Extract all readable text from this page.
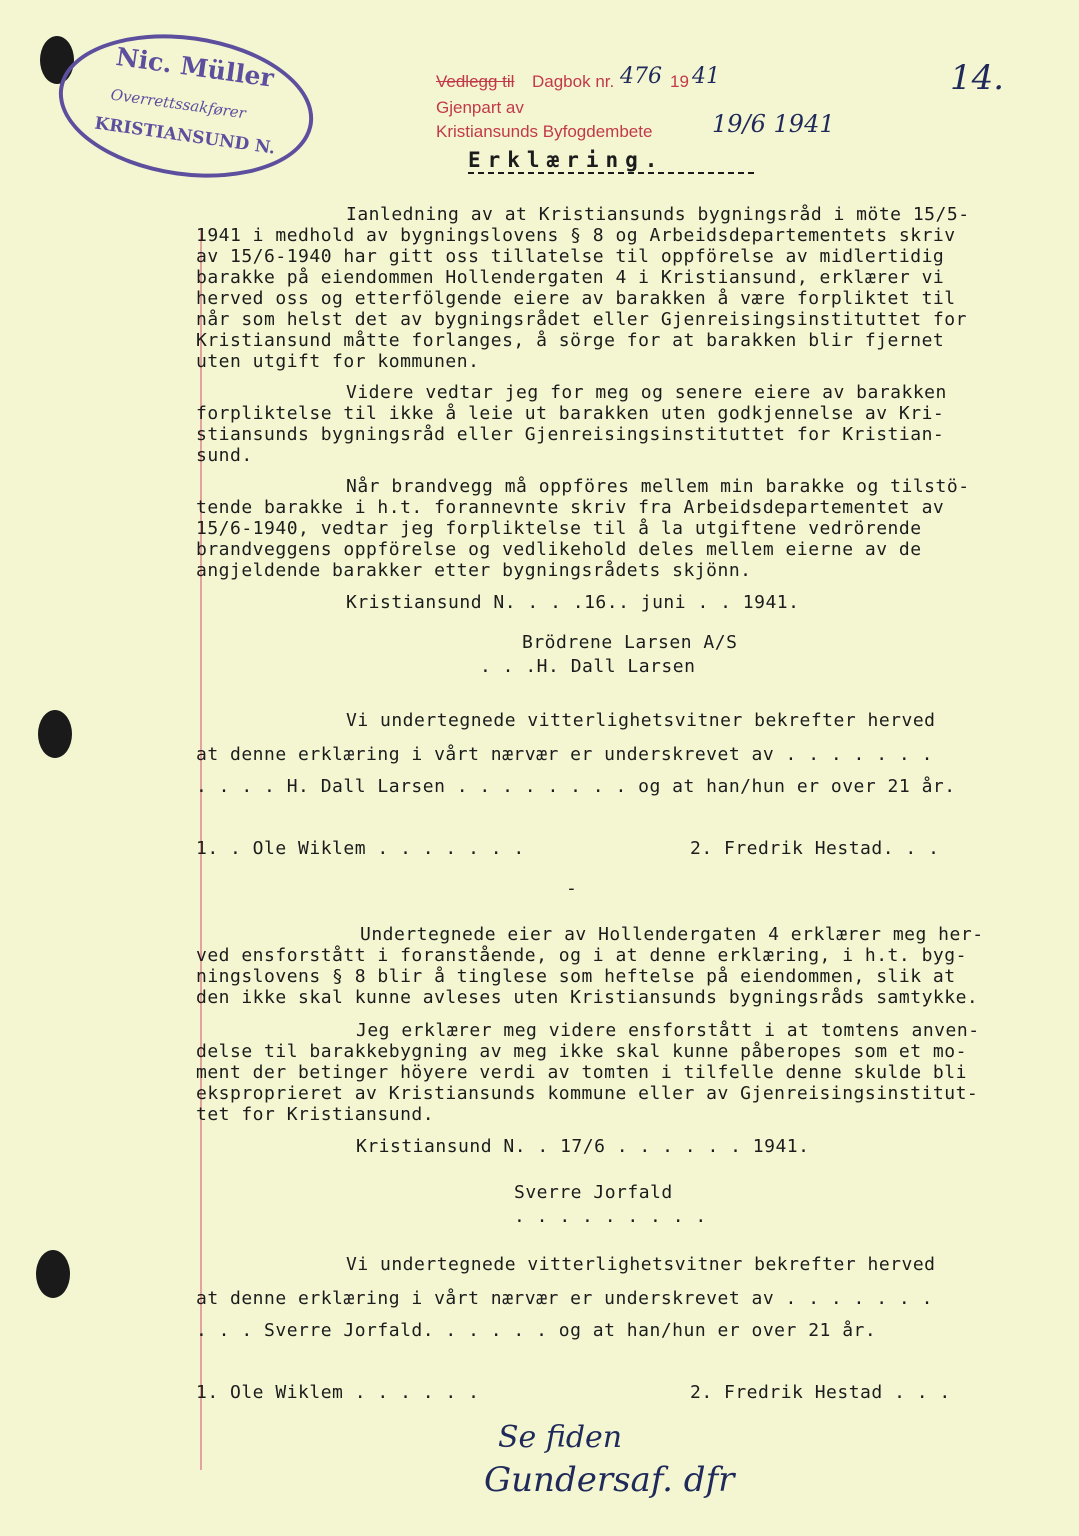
Nic. Müller
Overrettssakfører
KRISTIANSUND N.
Vedlegg til Dagbok nr. 476 19 41
Gjenpart av
Kristiansunds Byfogdembete 19/6 1941
14.
Erklæring.
Ianledning av at Kristiansunds bygningsråd i möte 15/5-
1941 i medhold av bygningslovens § 8 og Arbeidsdepartementets skriv
av 15/6-1940 har gitt oss tillatelse til oppförelse av midlertidig
barakke på eiendommen Hollendergaten 4 i Kristiansund, erklærer vi
herved oss og etterfölgende eiere av barakken å være forpliktet til
når som helst det av bygningsrådet eller Gjenreisingsinstituttet for
Kristiansund måtte forlanges, å sörge for at barakken blir fjernet
uten utgift for kommunen.
Videre vedtar jeg for meg og senere eiere av barakken
forpliktelse til ikke å leie ut barakken uten godkjennelse av Kri-
stiansunds bygningsråd eller Gjenreisingsinstituttet for Kristian-
sund.
Når brandvegg må oppföres mellem min barakke og tilstö-
tende barakke i h.t. forannevnte skriv fra Arbeidsdepartementet av
15/6-1940, vedtar jeg forpliktelse til å la utgiftene vedrörende
brandveggens oppförelse og vedlikehold deles mellem eierne av de
angjeldende barakker etter bygningsrådets skjönn.
Kristiansund N. . . .16.. juni . . 1941.
Brödrene Larsen A/S
. . .H. Dall Larsen
Vi undertegnede vitterlighetsvitner bekrefter herved
at denne erklæring i vårt nærvær er underskrevet av . . . . . . .
. . . . H. Dall Larsen . . . . . . . . og at han/hun er over 21 år.
1. . Ole Wiklem . . . . . . .	2. Fredrik Hestad. . .
-
Undertegnede eier av Hollendergaten 4 erklærer meg her-
ved ensforstått i foranstående, og i at denne erklæring, i h.t. byg-
ningslovens § 8 blir å tinglese som heftelse på eiendommen, slik at
den ikke skal kunne avleses uten Kristiansunds bygningsråds samtykke.
Jeg erklærer meg videre ensforstått i at tomtens anven-
delse til barakkebygning av meg ikke skal kunne påberopes som et mo-
ment der betinger höyere verdi av tomten i tilfelle denne skulde bli
eksproprieret av Kristiansunds kommune eller av Gjenreisingsinstitut-
tet for Kristiansund.
Kristiansund N. . 17/6 . . . . . . 1941.
Sverre Jorfald
. . . . . . . . .
Vi undertegnede vitterlighetsvitner bekrefter herved
at denne erklæring i vårt nærvær er underskrevet av . . . . . . .
. . . Sverre Jorfald. . . . . . og at han/hun er over 21 år.
1. Ole Wiklem . . . . . .	2. Fredrik Hestad . . .
Se fiden
Gundersaf. dfr
